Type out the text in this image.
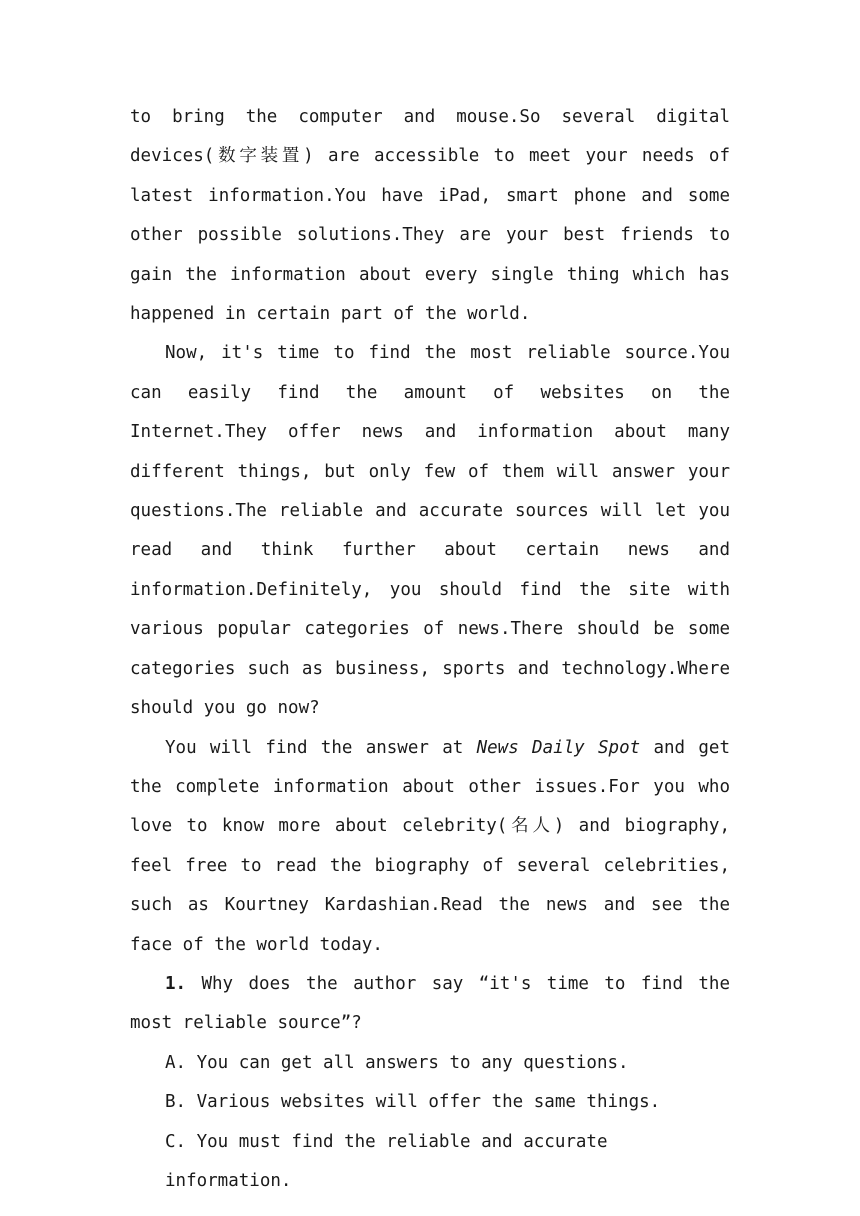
to bring the computer and mouse.So several digital devices(数字装置) are accessible to meet your needs of latest information.You have iPad, smart phone and some other possible solutions.They are your best friends to gain the information about every single thing which has happened in certain part of the world.

Now, it's time to find the most reliable source.You can easily find the amount of websites on the Internet.They offer news and information about many different things, but only few of them will answer your questions.The reliable and accurate sources will let you read and think further about certain news and information.Definitely, you should find the site with various popular categories of news.There should be some categories such as business, sports and technology.Where should you go now?

You will find the answer at News Daily Spot and get the complete information about other issues.For you who love to know more about celebrity(名人) and biography, feel free to read the biography of several celebrities, such as Kourtney Kardashian.Read the news and see the face of the world today.

1. Why does the author say “it's time to find the most reliable source”?

A. You can get all answers to any questions.

B. Various websites will offer the same things.

C. You must find the reliable and accurate information.
